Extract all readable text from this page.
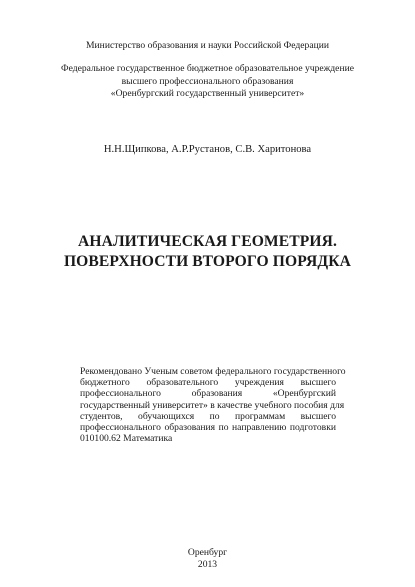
Министерство образования и науки Российской Федерации
Федеральное государственное бюджетное образовательное учреждение
высшего профессионального образования
«Оренбургский государственный университет»
Н.Н.Щипкова, А.Р.Рустанов, С.В. Харитонова
АНАЛИТИЧЕСКАЯ ГЕОМЕТРИЯ.
ПОВЕРХНОСТИ ВТОРОГО ПОРЯДКА
Рекомендовано Ученым советом федерального государственного
бюджетного образовательного учреждения высшего
профессионального образования «Оренбургский
государственный университет» в качестве учебного пособия для
студентов, обучающихся по программам высшего
профессионального образования по направлению подготовки
010100.62 Математика
Оренбург
2013
